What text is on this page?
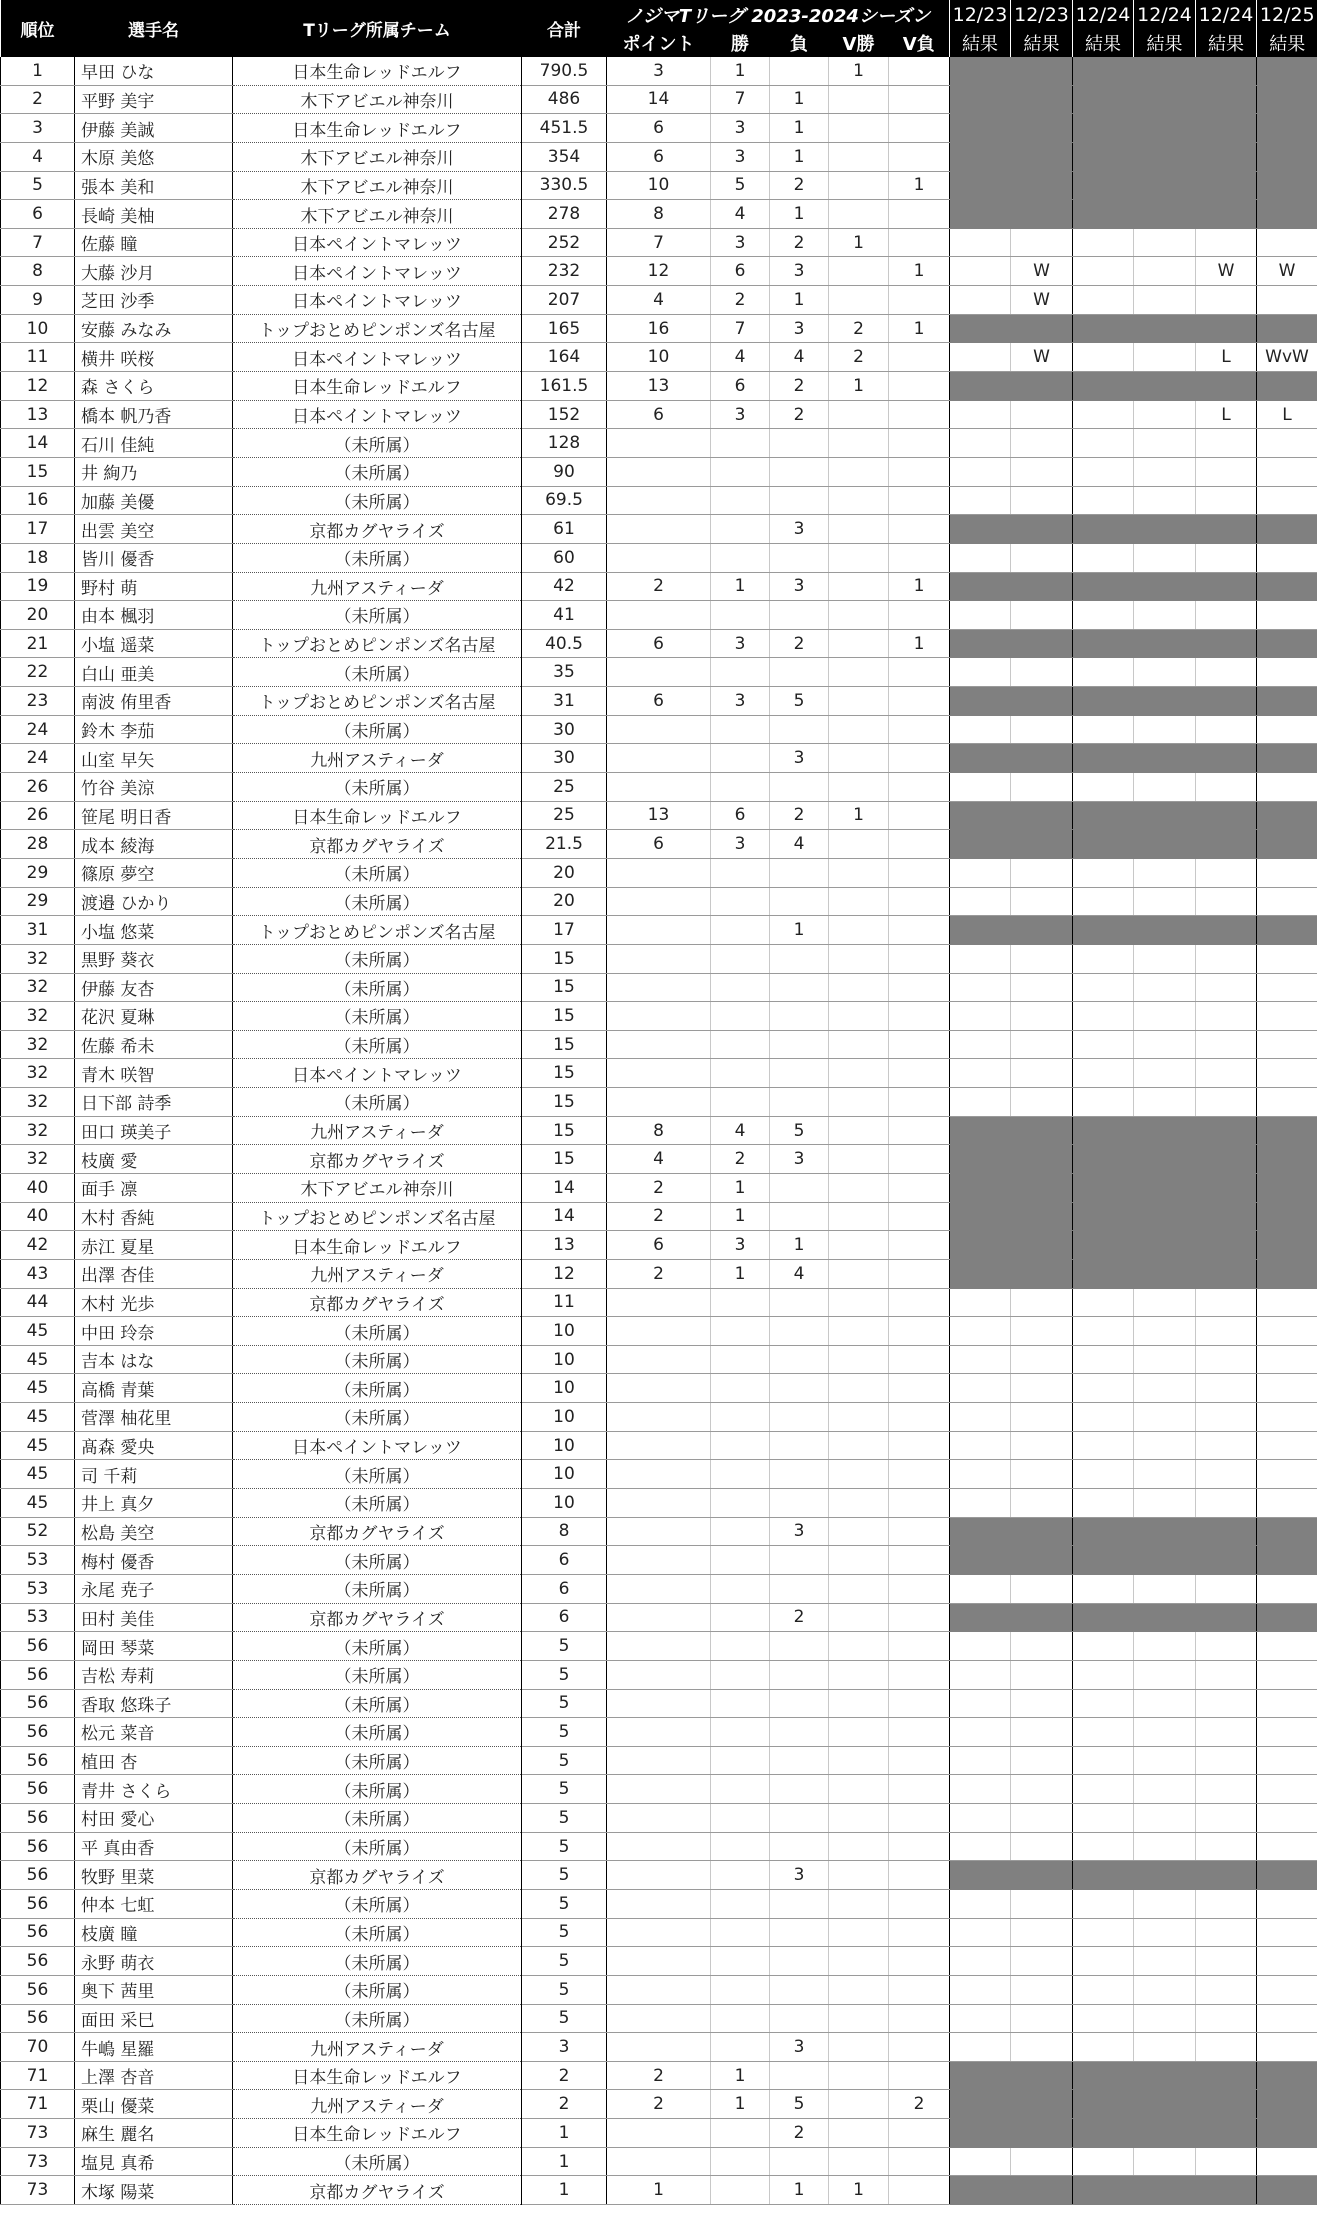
順位	選手名	Tリーグ所属チーム	合計	ノジマTリーグ 2023-2024シーズン					12/23	12/23	12/24	12/24	12/24	12/25
				ポイント	勝	負	V勝	V負	結果	結果	結果	結果	結果	結果
1	早田 ひな	日本生命レッドエルフ	790.5	3	1		1							
2	平野 美宇	木下アビエル神奈川	486	14	7	1								
3	伊藤 美誠	日本生命レッドエルフ	451.5	6	3	1								
4	木原 美悠	木下アビエル神奈川	354	6	3	1								
5	張本 美和	木下アビエル神奈川	330.5	10	5	2		1						
6	長崎 美柚	木下アビエル神奈川	278	8	4	1								
7	佐藤 瞳	日本ペイントマレッツ	252	7	3	2	1							
8	大藤 沙月	日本ペイントマレッツ	232	12	6	3		1		W			W	W
9	芝田 沙季	日本ペイントマレッツ	207	4	2	1				W				
10	安藤 みなみ	トップおとめピンポンズ名古屋	165	16	7	3	2	1						
11	横井 咲桜	日本ペイントマレッツ	164	10	4	4	2			W			L	WvW
12	森 さくら	日本生命レッドエルフ	161.5	13	6	2	1							
13	橋本 帆乃香	日本ペイントマレッツ	152	6	3	2							L	L
14	石川 佳純	（未所属）	128											
15	井 絢乃	（未所属）	90											
16	加藤 美優	（未所属）	69.5											
17	出雲 美空	京都カグヤライズ	61			3								
18	皆川 優香	（未所属）	60											
19	野村 萌	九州アスティーダ	42	2	1	3		1						
20	由本 楓羽	（未所属）	41											
21	小塩 遥菜	トップおとめピンポンズ名古屋	40.5	6	3	2		1						
22	白山 亜美	（未所属）	35											
23	南波 侑里香	トップおとめピンポンズ名古屋	31	6	3	5								
24	鈴木 李茄	（未所属）	30											
24	山室 早矢	九州アスティーダ	30			3								
26	竹谷 美涼	（未所属）	25											
26	笹尾 明日香	日本生命レッドエルフ	25	13	6	2	1							
28	成本 綾海	京都カグヤライズ	21.5	6	3	4								
29	篠原 夢空	（未所属）	20											
29	渡邉 ひかり	（未所属）	20											
31	小塩 悠菜	トップおとめピンポンズ名古屋	17			1								
32	黒野 葵衣	（未所属）	15											
32	伊藤 友杏	（未所属）	15											
32	花沢 夏琳	（未所属）	15											
32	佐藤 希未	（未所属）	15											
32	青木 咲智	日本ペイントマレッツ	15											
32	日下部 詩季	（未所属）	15											
32	田口 瑛美子	九州アスティーダ	15	8	4	5								
32	枝廣 愛	京都カグヤライズ	15	4	2	3								
40	面手 凛	木下アビエル神奈川	14	2	1									
40	木村 香純	トップおとめピンポンズ名古屋	14	2	1									
42	赤江 夏星	日本生命レッドエルフ	13	6	3	1								
43	出澤 杏佳	九州アスティーダ	12	2	1	4								
44	木村 光歩	京都カグヤライズ	11											
45	中田 玲奈	（未所属）	10											
45	吉本 はな	（未所属）	10											
45	高橋 青葉	（未所属）	10											
45	菅澤 柚花里	（未所属）	10											
45	髙森 愛央	日本ペイントマレッツ	10											
45	司 千莉	（未所属）	10											
45	井上 真夕	（未所属）	10											
52	松島 美空	京都カグヤライズ	8			3								
53	梅村 優香	（未所属）	6											
53	永尾 尭子	（未所属）	6											
53	田村 美佳	京都カグヤライズ	6			2								
56	岡田 琴菜	（未所属）	5											
56	吉松 寿莉	（未所属）	5											
56	香取 悠珠子	（未所属）	5											
56	松元 菜音	（未所属）	5											
56	植田 杏	（未所属）	5											
56	青井 さくら	（未所属）	5											
56	村田 愛心	（未所属）	5											
56	平 真由香	（未所属）	5											
56	牧野 里菜	京都カグヤライズ	5			3								
56	仲本 七虹	（未所属）	5											
56	枝廣 瞳	（未所属）	5											
56	永野 萌衣	（未所属）	5											
56	奥下 茜里	（未所属）	5											
56	面田 采巳	（未所属）	5											
70	牛嶋 星羅	九州アスティーダ	3			3								
71	上澤 杏音	日本生命レッドエルフ	2	2	1									
71	栗山 優菜	九州アスティーダ	2	2	1	5		2						
73	麻生 麗名	日本生命レッドエルフ	1			2								
73	塩見 真希	（未所属）	1											
73	木塚 陽菜	京都カグヤライズ	1	1		1	1							
